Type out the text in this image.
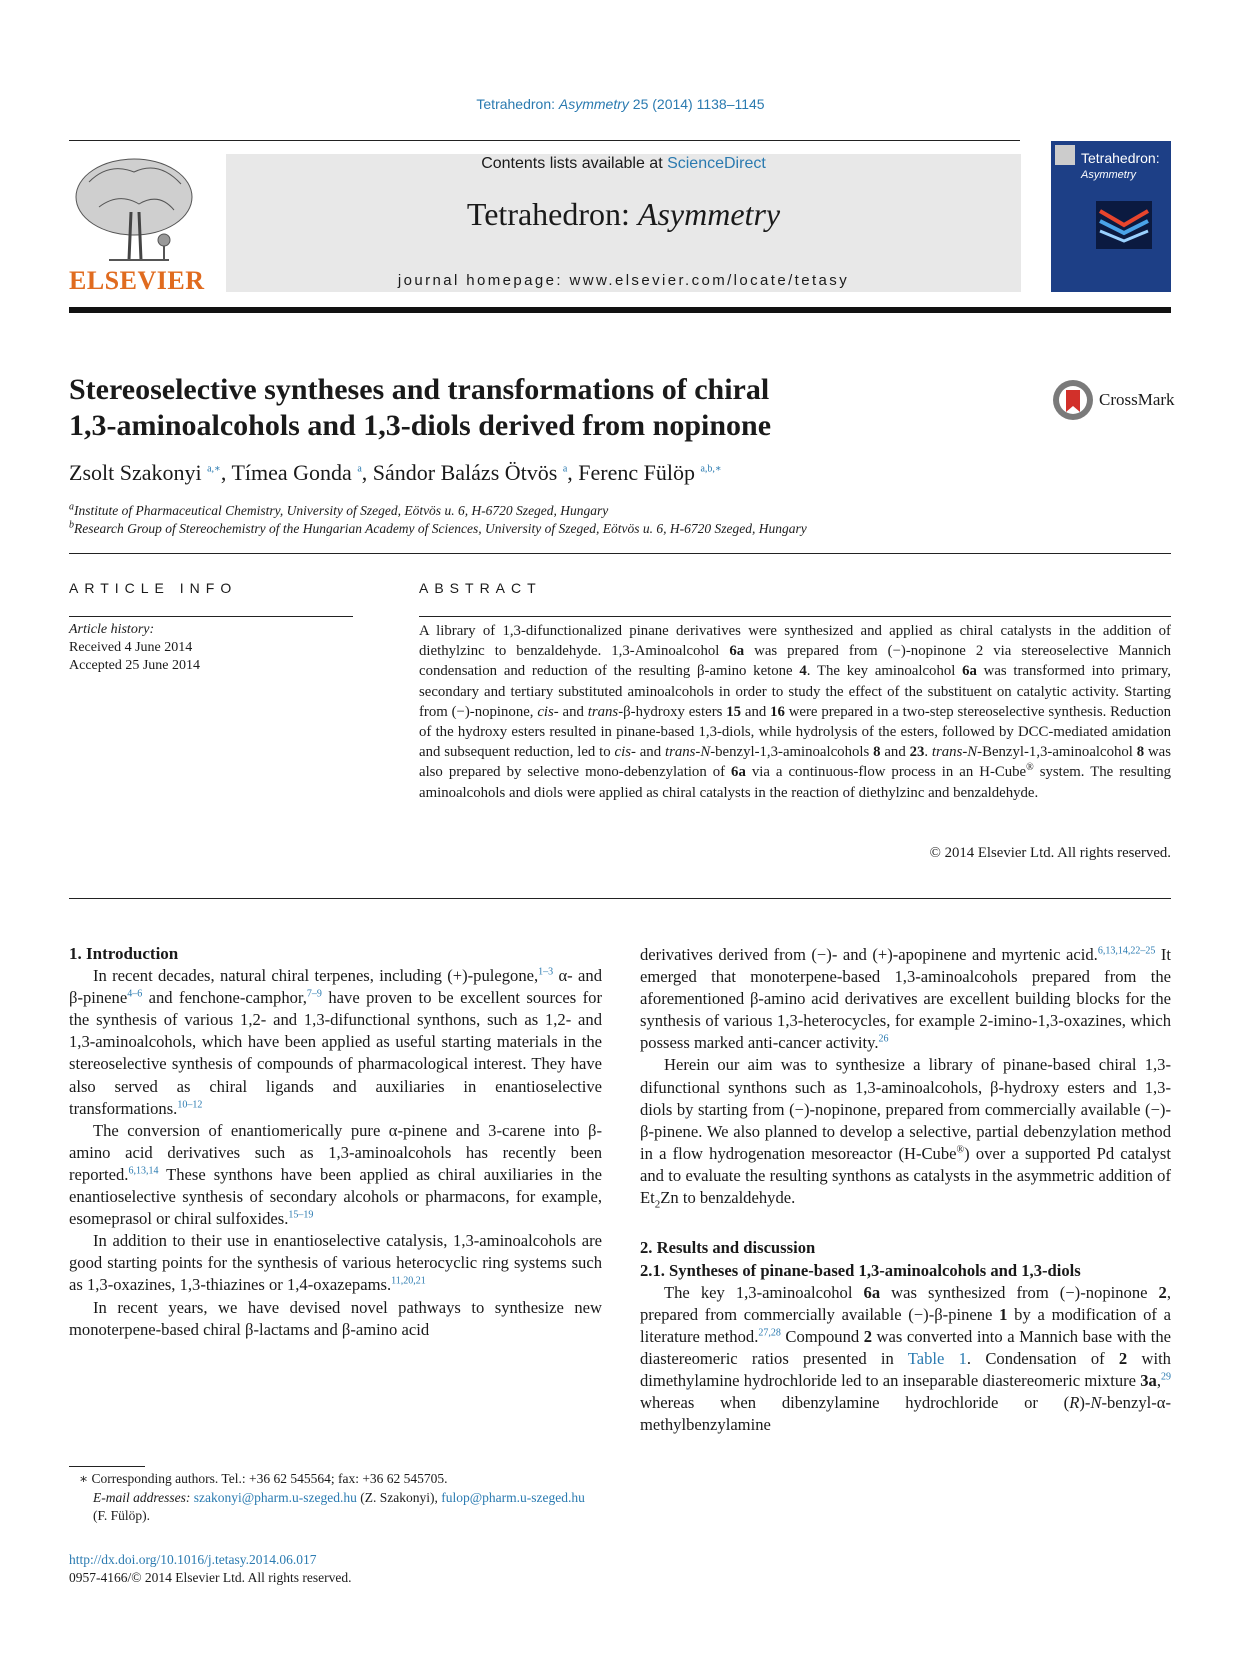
Tetrahedron: Asymmetry 25 (2014) 1138–1145
ELSEVIER
Contents lists available at ScienceDirect
Tetrahedron: Asymmetry
journal homepage: www.elsevier.com/locate/tetasy
Tetrahedron:
Asymmetry
Stereoselective syntheses and transformations of chiral
1,3-aminoalcohols and 1,3-diols derived from nopinone
CrossMark
Zsolt Szakonyi $^{a,∗}$, Tímea Gonda $^a$, Sándor Balázs Ötvös $^a$, Ferenc Fülöp $^{a,b,∗}$
$^a$Institute of Pharmaceutical Chemistry, University of Szeged, Eötvös u. 6, H-6720 Szeged, Hungary
$^b$Research Group of Stereochemistry of the Hungarian Academy of Sciences, University of Szeged, Eötvös u. 6, H-6720 Szeged, Hungary
ARTICLE INFO	ABSTRACT
Article history:
Received 4 June 2014
Accepted 25 June 2014
A library of 1,3-difunctionalized pinane derivatives were synthesized and applied as chiral catalysts in the addition of diethylzinc to benzaldehyde. 1,3-Aminoalcohol 6a was prepared from (−)-nopinone 2 via stereoselective Mannich condensation and reduction of the resulting β-amino ketone 4. The key aminoalcohol 6a was transformed into primary, secondary and tertiary substituted aminoalcohols in order to study the effect of the substituent on catalytic activity. Starting from (−)-nopinone, cis- and trans-β-hydroxy esters 15 and 16 were prepared in a two-step stereoselective synthesis. Reduction of the hydroxy esters resulted in pinane-based 1,3-diols, while hydrolysis of the esters, followed by DCC-mediated amidation and subsequent reduction, led to cis- and trans-N-benzyl-1,3-aminoalcohols 8 and 23. trans-N-Benzyl-1,3-aminoalcohol 8 was also prepared by selective mono-debenzylation of 6a via a continuous-flow process in an H-Cube® system. The resulting aminoalcohols and diols were applied as chiral catalysts in the reaction of diethylzinc and benzaldehyde.
© 2014 Elsevier Ltd. All rights reserved.

1. Introduction

In recent decades, natural chiral terpenes, including (+)-pulegone,$^{1-3}$ α- and β-pinene$^{4-6}$ and fenchone-camphor,$^{7-9}$ have proven to be excellent sources for the synthesis of various 1,2- and 1,3-difunctional synthons, such as 1,2- and 1,3-aminoalcohols, which have been applied as useful starting materials in the stereoselective synthesis of compounds of pharmacological interest. They have also served as chiral ligands and auxiliaries in enantioselective transformations.$^{10-12}$

The conversion of enantiomerically pure α-pinene and 3-carene into β-amino acid derivatives such as 1,3-aminoalcohols has recently been reported.$^{6,13,14}$ These synthons have been applied as chiral auxiliaries in the enantioselective synthesis of secondary alcohols or pharmacons, for example, esomeprasol or chiral sulfoxides.$^{15-19}$

In addition to their use in enantioselective catalysis, 1,3-aminoalcohols are good starting points for the synthesis of various heterocyclic ring systems such as 1,3-oxazines, 1,3-thiazines or 1,4-oxazepams.$^{11,20,21}$

In recent years, we have devised novel pathways to synthesize new monoterpene-based chiral β-lactams and β-amino acid

derivatives derived from (−)- and (+)-apopinene and myrtenic acid.$^{6,13,14,22-25}$ It emerged that monoterpene-based 1,3-aminoalcohols prepared from the aforementioned β-amino acid derivatives are excellent building blocks for the synthesis of various 1,3-heterocycles, for example 2-imino-1,3-oxazines, which possess marked anti-cancer activity.$^{26}$

Herein our aim was to synthesize a library of pinane-based chiral 1,3-difunctional synthons such as 1,3-aminoalcohols, β-hydroxy esters and 1,3-diols by starting from (−)-nopinone, prepared from commercially available (−)-β-pinene. We also planned to develop a selective, partial debenzylation method in a flow hydrogenation mesoreactor (H-Cube®) over a supported Pd catalyst and to evaluate the resulting synthons as catalysts in the asymmetric addition of $Et_2Zn$ to benzaldehyde.

2. Results and discussion

2.1. Syntheses of pinane-based 1,3-aminoalcohols and 1,3-diols

The key 1,3-aminoalcohol 6a was synthesized from (−)-nopinone 2, prepared from commercially available (−)-β-pinene 1 by a modification of a literature method.$^{27,28}$ Compound 2 was converted into a Mannich base with the diastereomeric ratios presented in Table 1. Condensation of 2 with dimethylamine hydrochloride led to an inseparable diastereomeric mixture 3a,$^{29}$ whereas when dibenzylamine hydrochloride or (R)-N-benzyl-α-methylbenzylamine

∗ Corresponding authors. Tel.: +36 62 545564; fax: +36 62 545705.
E-mail addresses: szakonyi@pharm.u-szeged.hu (Z. Szakonyi), fulop@pharm.u-szeged.hu (F. Fülöp).
http://dx.doi.org/10.1016/j.tetasy.2014.06.017
0957-4166/© 2014 Elsevier Ltd. All rights reserved.
